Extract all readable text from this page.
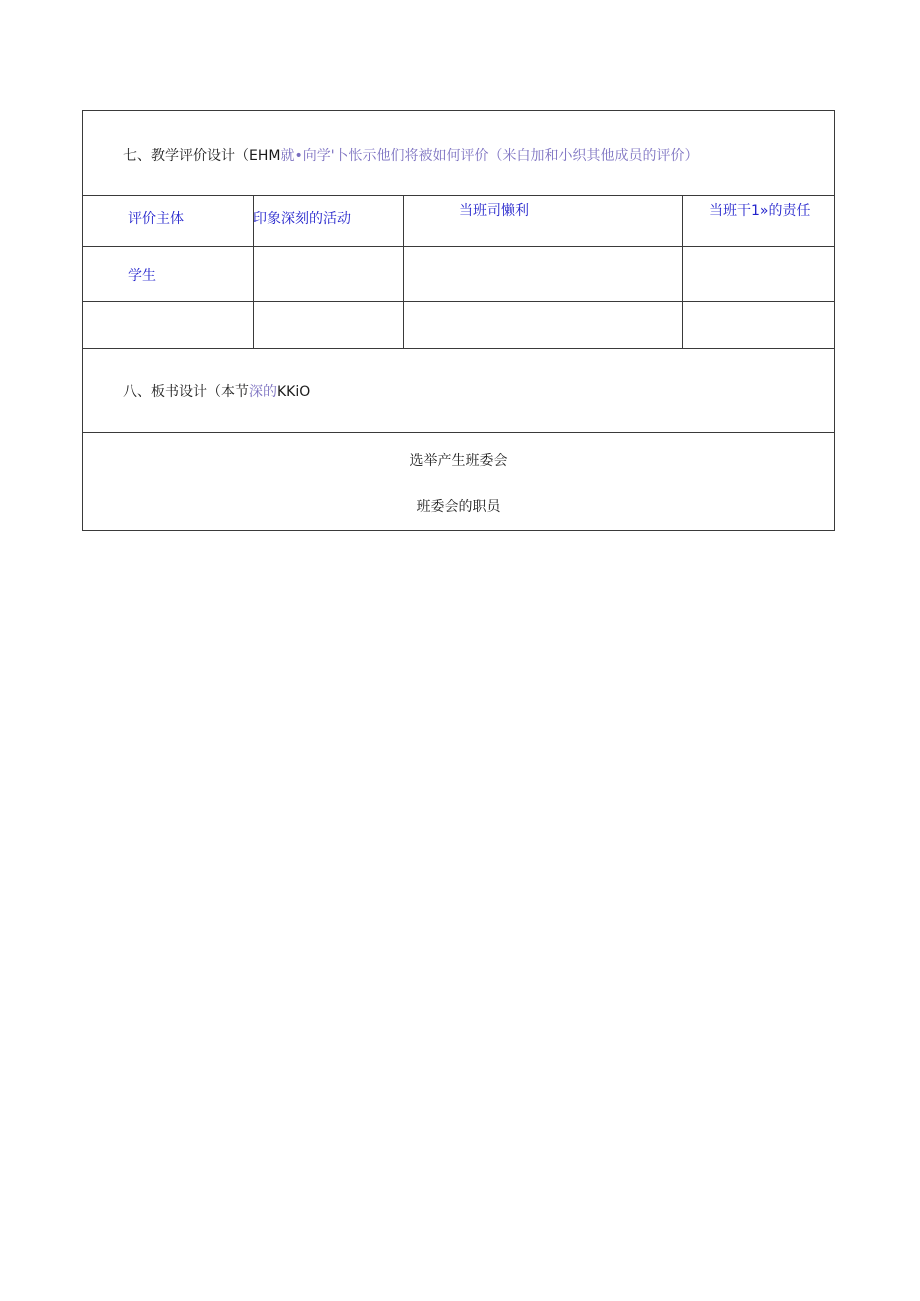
七、教学评价设计（EHM就•向学'卜怅示他们将被如何评价（米白加和小织其他成员的评价）
评价主体	印象深刻的活动	当班司懒利	当班干1»的责任
学生
八、板书设计（本节深的KKiO
选举产生班委会
班委会的职员
